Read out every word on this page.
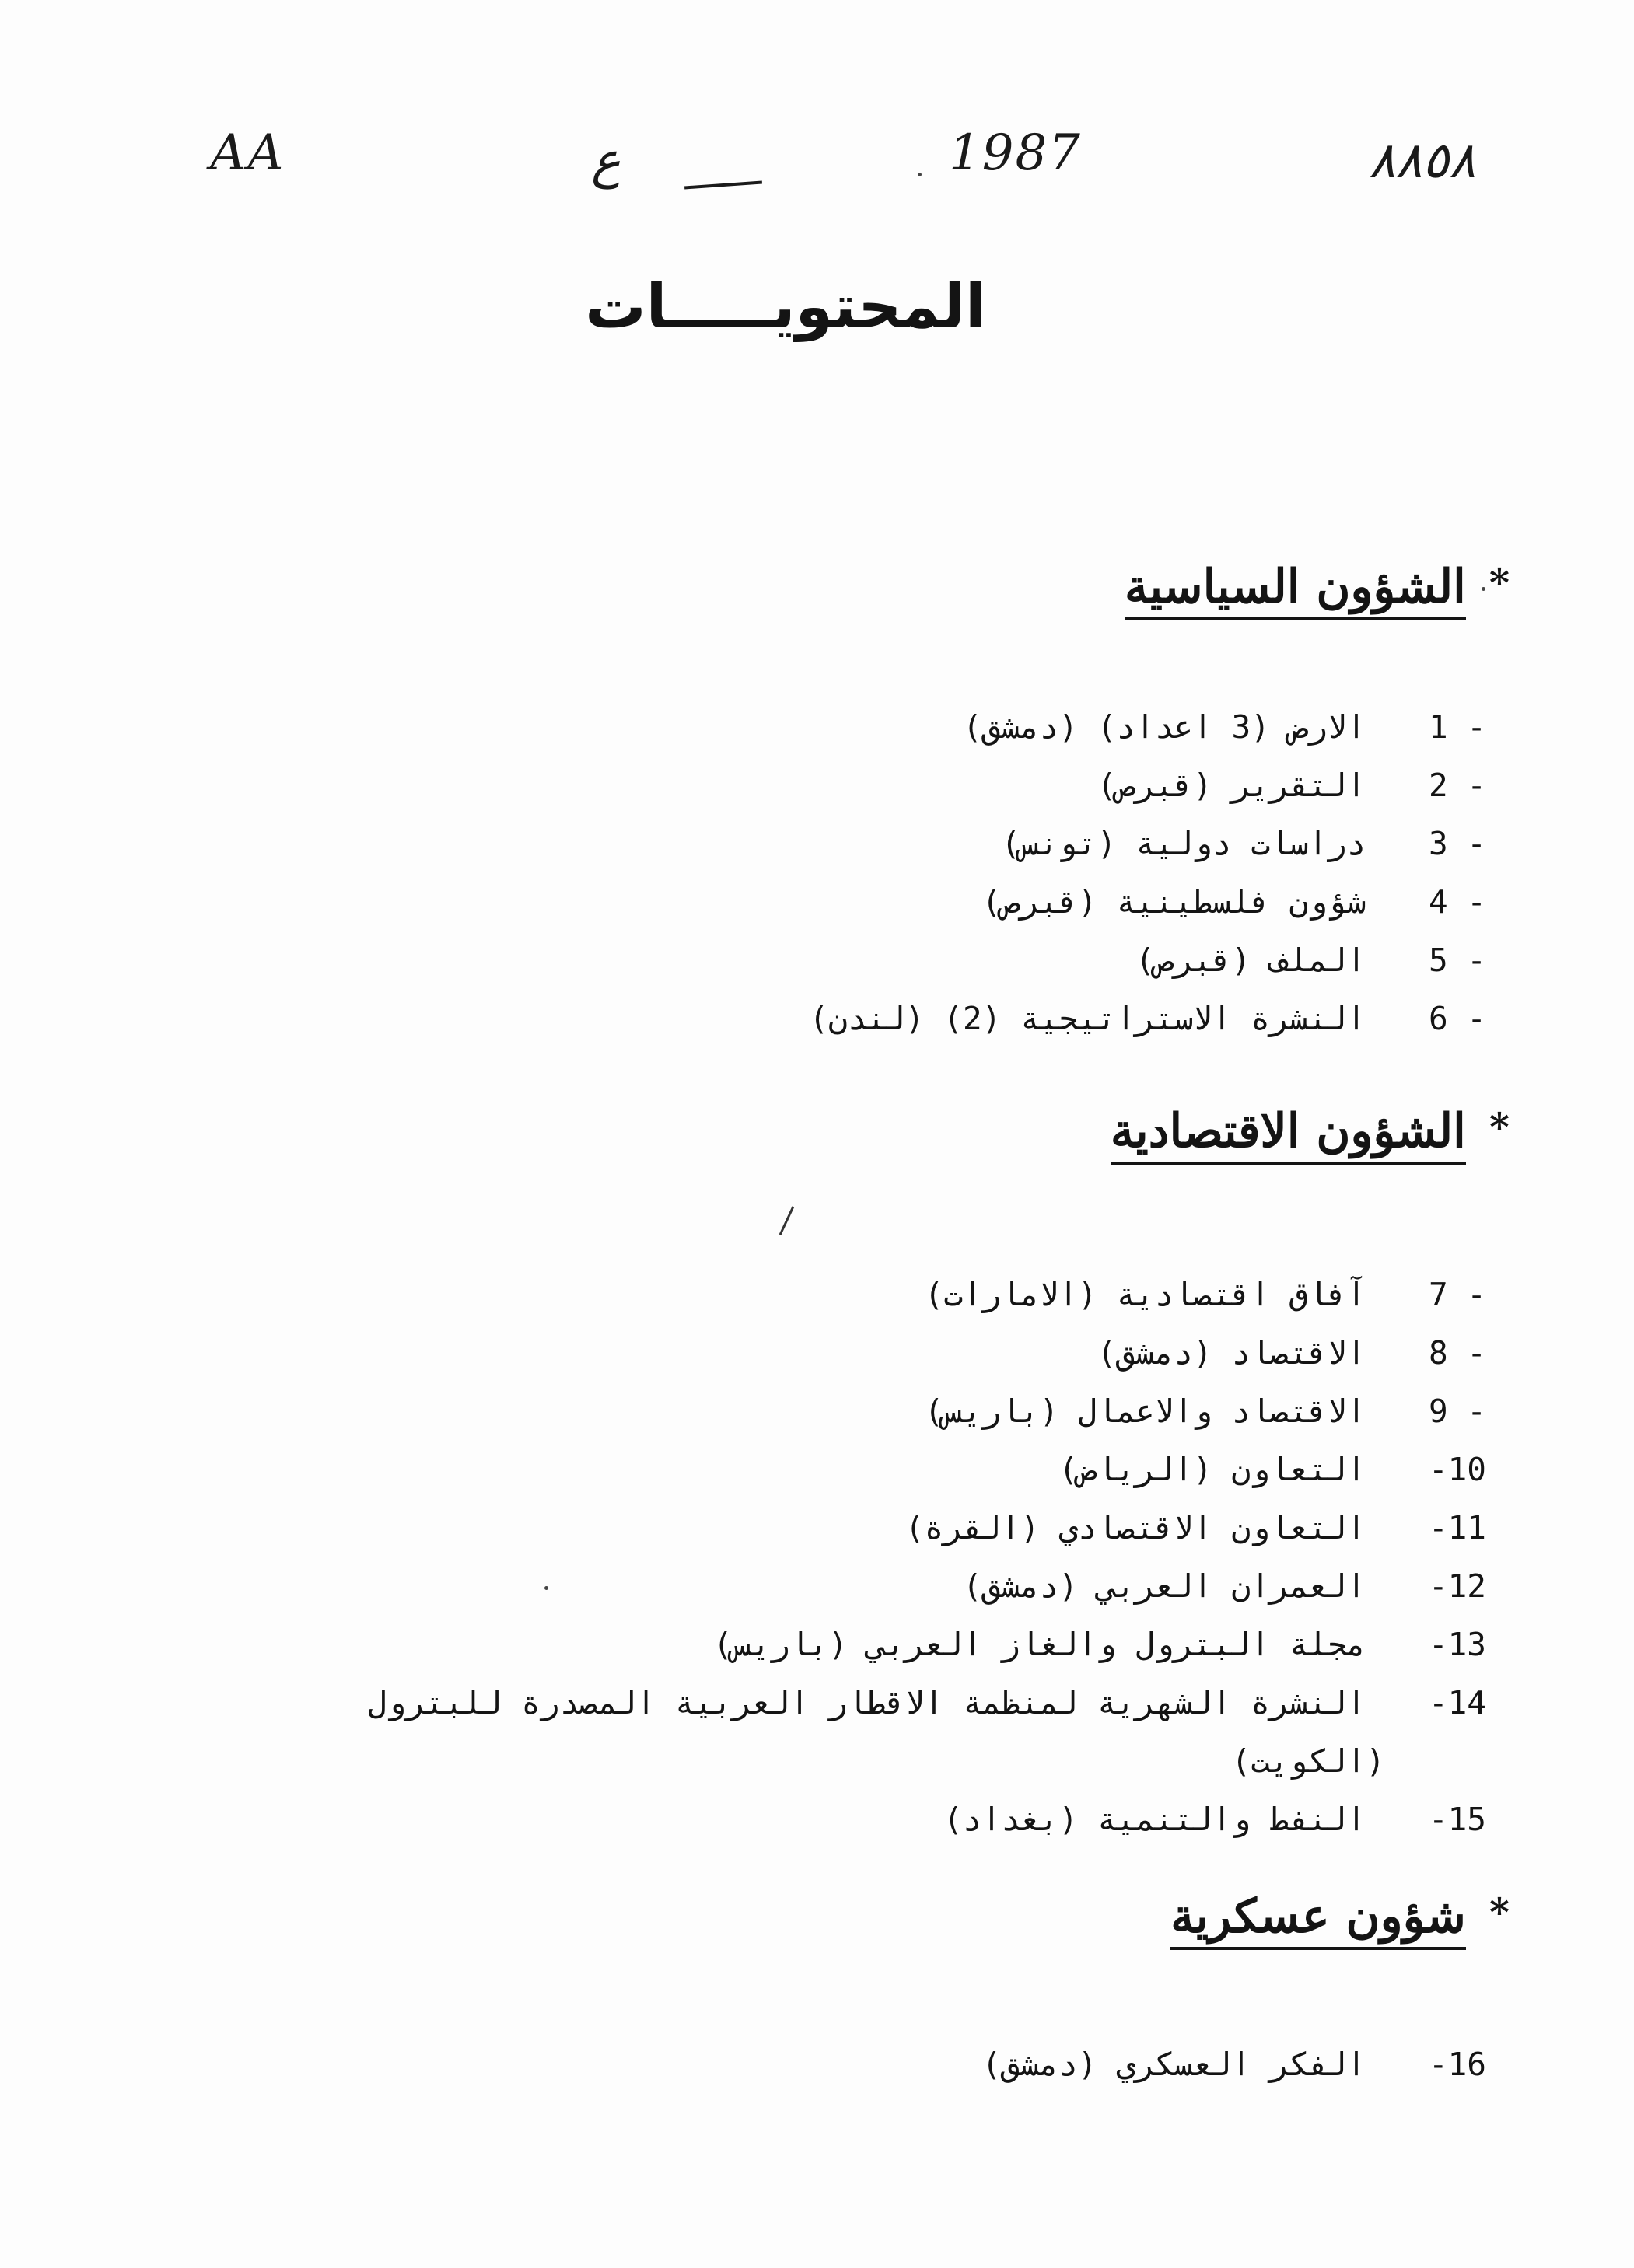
AA	ع	1987	٨٨٥٨
المحتويـــــات
*الشؤون السياسية
1 - الارض (3 اعداد) (دمشق)
2 - التقرير (قبرص)
3 - دراسات دولية (تونس)
4 - شؤون فلسطينية (قبرص)
5 - الملف (قبرص)
6 - النشرة الاستراتيجية (2) (لندن)
*الشؤون الاقتصادية
7 - آفاق اقتصادية (الامارات)
8 - الاقتصاد (دمشق)
9 - الاقتصاد والاعمال (باريس)
-10 التعاون (الرياض)
-11 التعاون الاقتصادي (القرة)
-12 العمران العربي (دمشق)
-13 مجلة البترول والغاز العربي (باريس)
-14 النشرة الشهرية لمنظمة الاقطار العربية المصدرة للبترول
(الكويت)
-15 النفط والتنمية (بغداد)
*شؤون عسكرية
-16 الفكر العسكري (دمشق)
